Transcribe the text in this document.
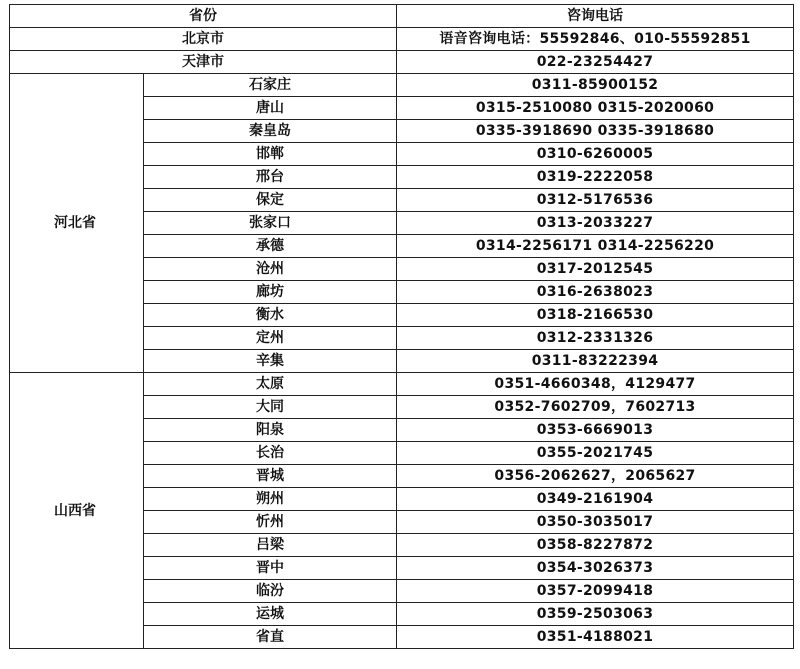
省份		咨询电话
北京市		语音咨询电话：55592846、010-55592851
天津市		022-23254427
河北省	石家庄	0311-85900152
	唐山	0315-2510080 0315-2020060
	秦皇岛	0335-3918690 0335-3918680
	邯郸	0310-6260005
	邢台	0319-2222058
	保定	0312-5176536
	张家口	0313-2033227
	承德	0314-2256171 0314-2256220
	沧州	0317-2012545
	廊坊	0316-2638023
	衡水	0318-2166530
	定州	0312-2331326
	辛集	0311-83222394
山西省	太原	0351-4660348，4129477
	大同	0352-7602709，7602713
	阳泉	0353-6669013
	长治	0355-2021745
	晋城	0356-2062627，2065627
	朔州	0349-2161904
	忻州	0350-3035017
	吕梁	0358-8227872
	晋中	0354-3026373
	临汾	0357-2099418
	运城	0359-2503063
	省直	0351-4188021
